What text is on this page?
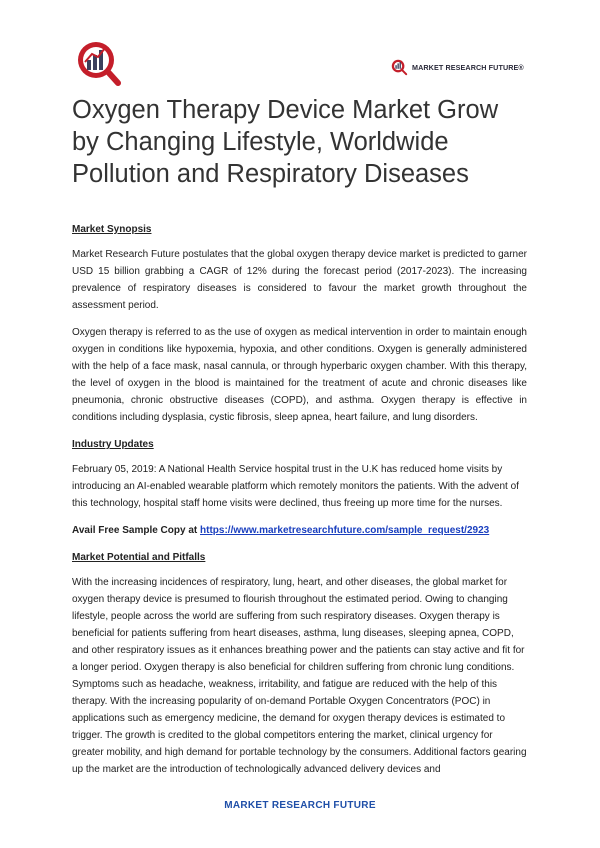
MARKET RESEARCH FUTURE ®
Oxygen Therapy Device Market Grow by Changing Lifestyle, Worldwide Pollution and Respiratory Diseases
Market Synopsis

Market Research Future postulates that the global oxygen therapy device market is predicted to garner USD 15 billion grabbing a CAGR of 12% during the forecast period (2017-2023). The increasing prevalence of respiratory diseases is considered to favour the market growth throughout the assessment period.

Oxygen therapy is referred to as the use of oxygen as medical intervention in order to maintain enough oxygen in conditions like hypoxemia, hypoxia, and other conditions. Oxygen is generally administered with the help of a face mask, nasal cannula, or through hyperbaric oxygen chamber. With this therapy, the level of oxygen in the blood is maintained for the treatment of acute and chronic diseases like pneumonia, chronic obstructive diseases (COPD), and asthma. Oxygen therapy is effective in conditions including dysplasia, cystic fibrosis, sleep apnea, heart failure, and lung disorders.

Industry Updates

February 05, 2019: A National Health Service hospital trust in the U.K has reduced home visits by introducing an AI-enabled wearable platform which remotely monitors the patients. With the advent of this technology, hospital staff home visits were declined, thus freeing up more time for the nurses.

Avail Free Sample Copy at https://www.marketresearchfuture.com/sample_request/2923

Market Potential and Pitfalls

With the increasing incidences of respiratory, lung, heart, and other diseases, the global market for oxygen therapy device is presumed to flourish throughout the estimated period. Owing to changing lifestyle, people across the world are suffering from such respiratory diseases. Oxygen therapy is beneficial for patients suffering from heart diseases, asthma, lung diseases, sleeping apnea, COPD, and other respiratory issues as it enhances breathing power and the patients can stay active and fit for a longer period. Oxygen therapy is also beneficial for children suffering from chronic lung conditions. Symptoms such as headache, weakness, irritability, and fatigue are reduced with the help of this therapy. With the increasing popularity of on-demand Portable Oxygen Concentrators (POC) in applications such as emergency medicine, the demand for oxygen therapy devices is estimated to trigger. The growth is credited to the global competitors entering the market, clinical urgency for greater mobility, and high demand for portable technology by the consumers. Additional factors gearing up the market are the introduction of technologically advanced delivery devices and

MARKET RESEARCH FUTURE
